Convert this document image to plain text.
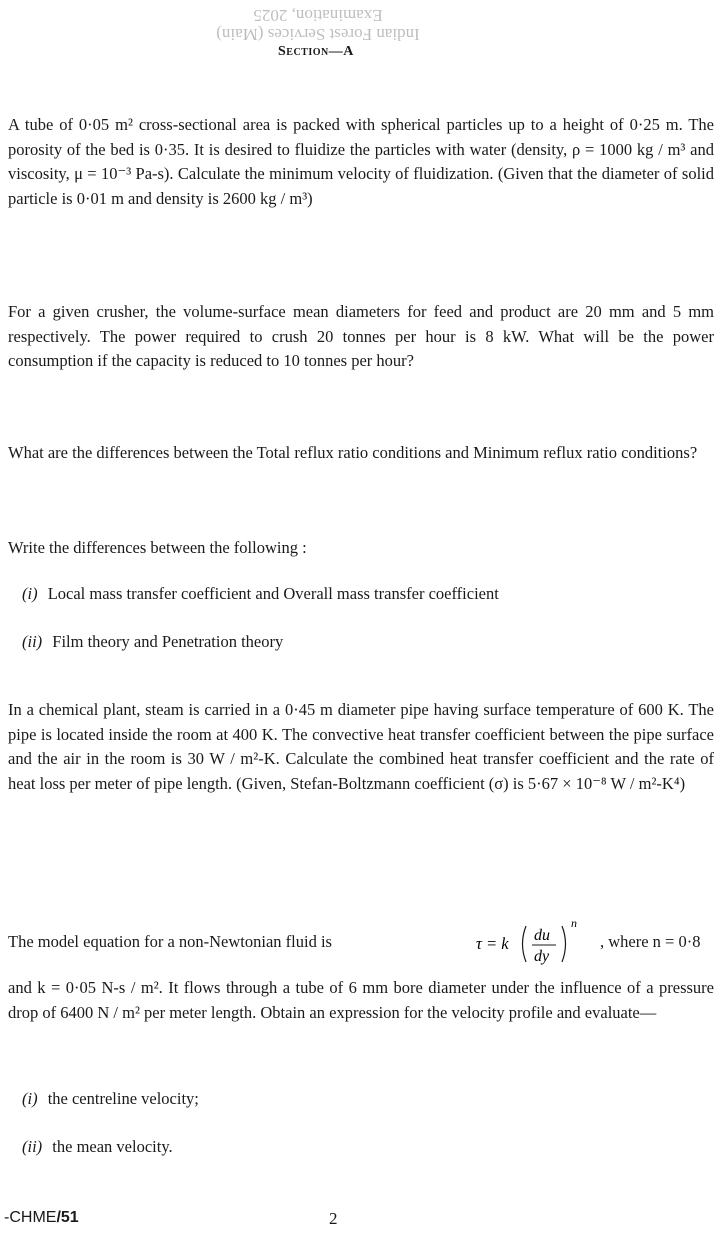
Indian Forest Services (Main)
Examination, 2025
Section—A

A tube of 0·05 m² cross-sectional area is packed with spherical particles up to a height of 0·25 m. The porosity of the bed is 0·35. It is desired to fluidize the particles with water (density, ρ = 1000 kg / m³ and viscosity, μ = 10⁻³ Pa-s). Calculate the minimum velocity of fluidization. (Given that the diameter of solid particle is 0·01 m and density is 2600 kg / m³)

For a given crusher, the volume-surface mean diameters for feed and product are 20 mm and 5 mm respectively. The power required to crush 20 tonnes per hour is 8 kW. What will be the power consumption if the capacity is reduced to 10 tonnes per hour?

What are the differences between the Total reflux ratio conditions and Minimum reflux ratio conditions?

Write the differences between the following :

(i) Local mass transfer coefficient and Overall mass transfer coefficient
(ii) Film theory and Penetration theory

In a chemical plant, steam is carried in a 0·45 m diameter pipe having surface temperature of 600 K. The pipe is located inside the room at 400 K. The convective heat transfer coefficient between the pipe surface and the air in the room is 30 W / m²-K. Calculate the combined heat transfer coefficient and the rate of heat loss per meter of pipe length. (Given, Stefan-Boltzmann coefficient (σ) is 5·67 × 10⁻⁸ W / m²-K⁴)

The model equation for a non-Newtonian fluid is	τ = k du
dy
n
, where n = 0·8

and k = 0·05 N-s / m². It flows through a tube of 6 mm bore diameter under the influence of a pressure drop of 6400 N / m² per meter length. Obtain an expression for the velocity profile and evaluate—

(i) the centreline velocity;
(ii) the mean velocity.
-CHME/51	2
